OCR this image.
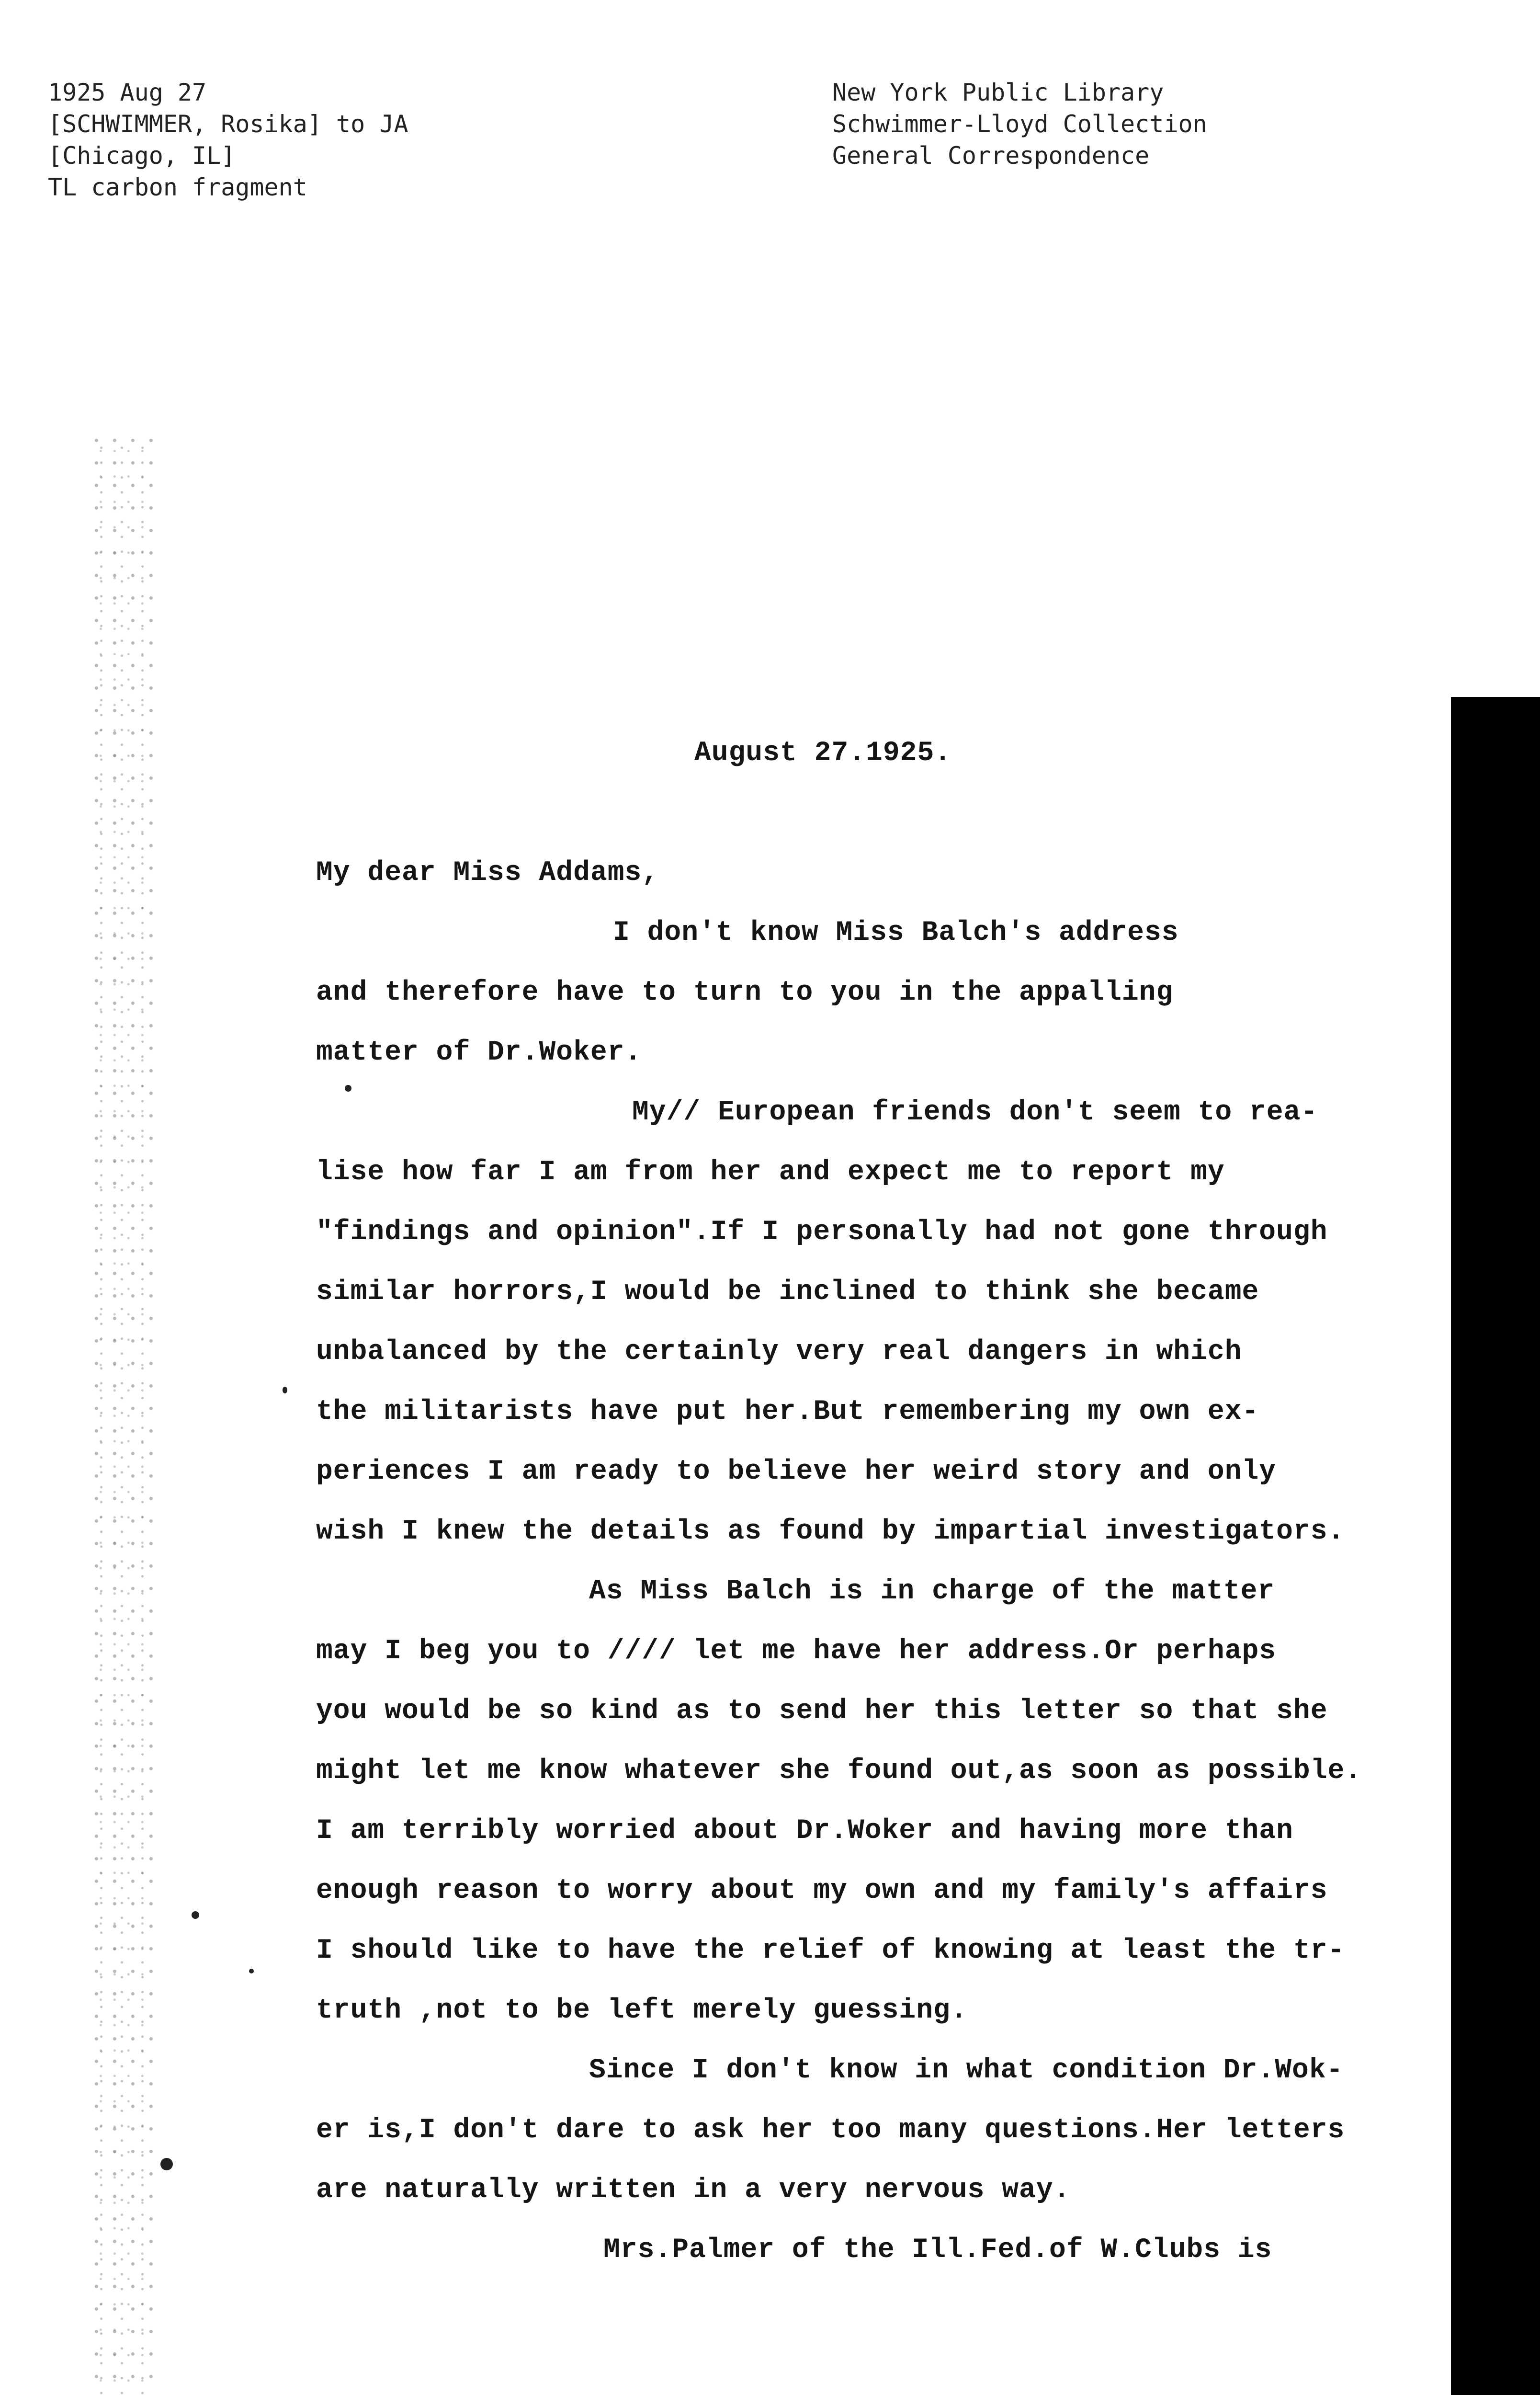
1925 Aug 27
[SCHWIMMER, Rosika] to JA
[Chicago, IL]
TL carbon fragment
New York Public Library
Schwimmer-Lloyd Collection
General Correspondence
August 27.1925.
My dear Miss Addams,
I don't know Miss Balch's address
and therefore have to turn to you in the appalling
matter of Dr.Woker.
My// European friends don't seem to rea-
lise how far I am from her and expect me to report my
"findings and opinion".If I personally had not gone through
similar horrors,I would be inclined to think she became
unbalanced by the certainly very real dangers in which
the militarists have put her.But remembering my own ex-
periences I am ready to believe her weird story and only
wish I knew the details as found by impartial investigators.
As Miss Balch is in charge of the matter
may I beg you to //// let me have her address.Or perhaps
you would be so kind as to send her this letter so that she
might let me know whatever she found out,as soon as possible.
I am terribly worried about Dr.Woker and having more than
enough reason to worry about my own and my family's affairs
I should like to have the relief of knowing at least the tr-
truth ,not to be left merely guessing.
Since I don't know in what condition Dr.Wok-
er is,I don't dare to ask her too many questions.Her letters
are naturally written in a very nervous way.
Mrs.Palmer of the Ill.Fed.of W.Clubs is
